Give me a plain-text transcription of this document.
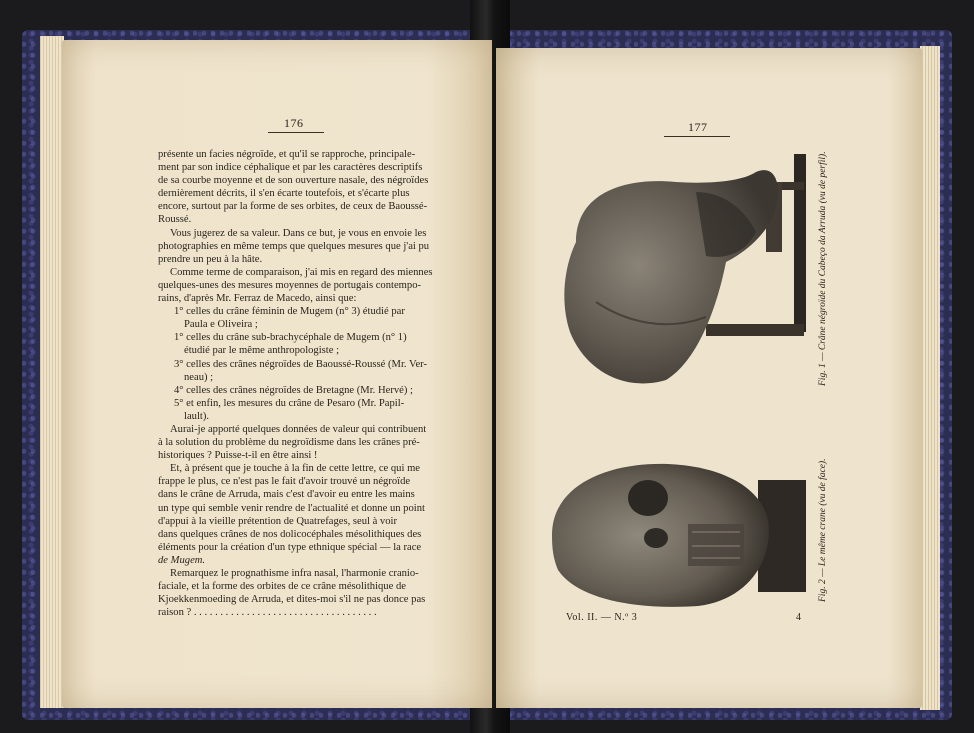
176

présente un facies négroïde, et qu'il se rapproche, principale-

ment par son indice céphalique et par les caractères descriptifs

de sa courbe moyenne et de son ouverture nasale, des négroïdes

dernièrement décrits, il s'en écarte toutefois, et s'écarte plus

encore, surtout par la forme de ses orbites, de ceux de Baoussé-

Roussé.

Vous jugerez de sa valeur. Dans ce but, je vous en envoie les

photographies en même temps que quelques mesures que j'ai pu

prendre un peu à la hâte.

Comme terme de comparaison, j'ai mis en regard des miennes

quelques-unes des mesures moyennes de portugais contempo-

rains, d'après Mr. Ferraz de Macedo, ainsi que:

1° celles du crâne féminin de Mugem (n° 3) étudié par

Paula e Oliveira ;

1° celles du crâne sub-brachycéphale de Mugem (n° 1)

étudié par le même anthropologiste ;

3° celles des crânes négroïdes de Baoussé-Roussé (Mr. Ver-

neau) ;

4° celles des crânes négroïdes de Bretagne (Mr. Hervé) ;

5° et enfin, les mesures du crâne de Pesaro (Mr. Papil-

lault).

Aurai-je apporté quelques données de valeur qui contribuent

à la solution du problème du negroïdisme dans les crânes pré-

historiques ? Puisse-t-il en être ainsi !

Et, à présent que je touche à la fin de cette lettre, ce qui me

frappe le plus, ce n'est pas le fait d'avoir trouvé un négroïde

dans le crâne de Arruda, mais c'est d'avoir eu entre les mains

un type qui semble venir rendre de l'actualité et donne un point

d'appui à la vieille prétention de Quatrefages, seul à voir

dans quelques crânes de nos dolicocéphales mésolithiques des

éléments pour la création d'un type ethnique spécial — la race

de Mugem.

Remarquez le prognathisme infra nasal, l'harmonie cranio-

faciale, et la forme des orbites de ce crâne mésolithique de

Kjoekkenmoeding de Arruda, et dites-moi s'il ne pas donce pas

raison ? . . . . . . . . . . . . . . . . . . . . . . . . . . . . . . . . . . .

177
Fig. 1 — Crâne négroïde du Cabeço da Arruda (vu de perfil).
Fig. 2 — Le même crane (vu de face).
Vol. II. — N.º 3	4
